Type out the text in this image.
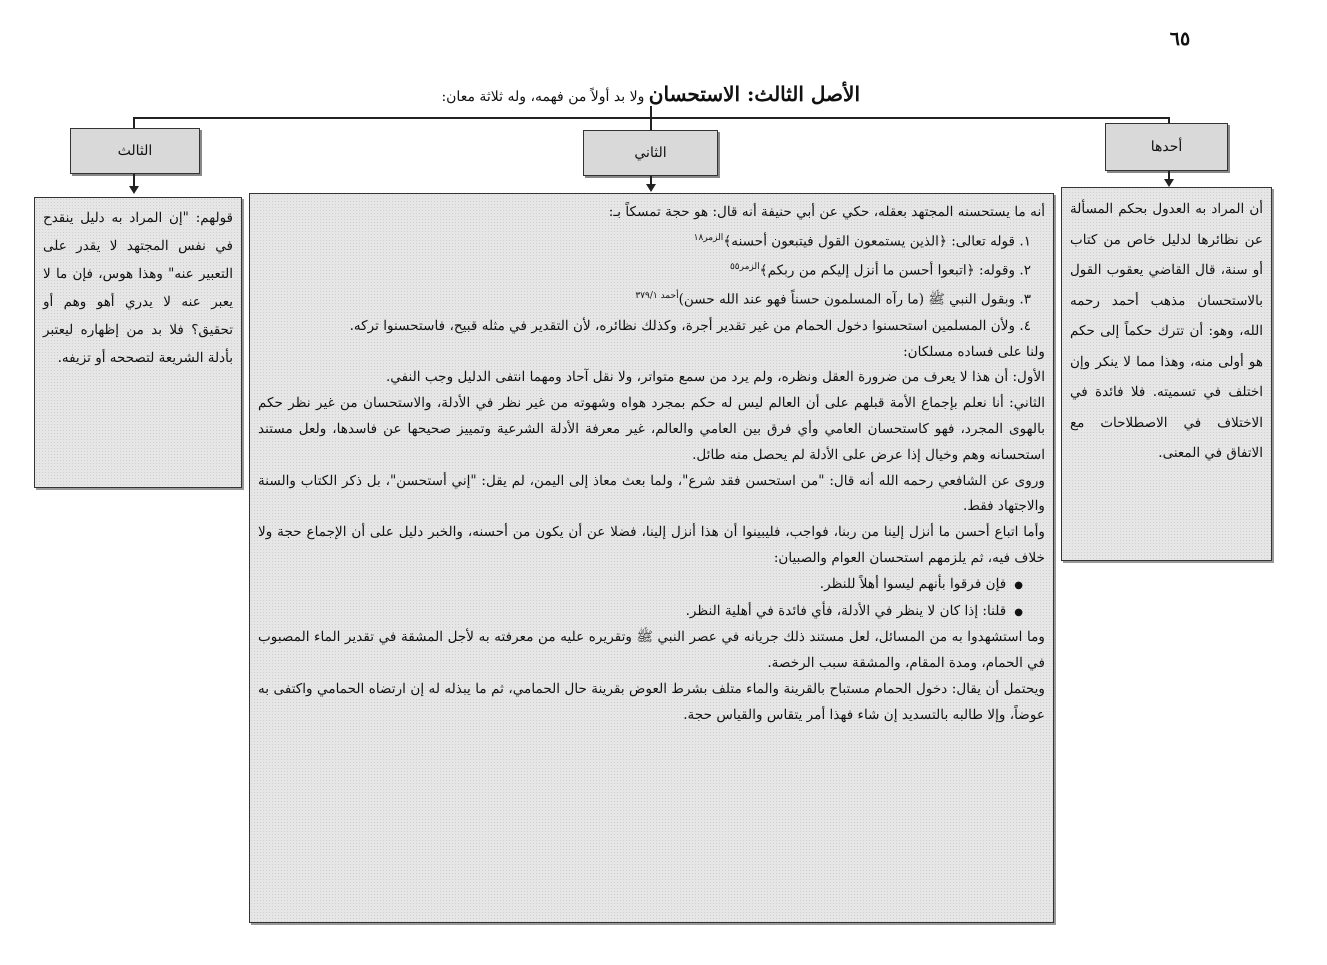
٦٥
الأصل الثالث: الاستحسان ولا بد أولاً من فهمه، وله ثلاثة معان:
الثالث	الثاني	أحدها
قولهم: "إن المراد به دليل ينقدح في نفس المجتهد لا يقدر على التعبير عنه" وهذا هوس، فإن ما لا يعبر عنه لا يدري أهو وهم أو تحقيق؟ فلا بد من إظهاره ليعتبر بأدلة الشريعة لتصححه أو تزيفه.
أن المراد به العدول بحكم المسألة عن نظائرها لدليل خاص من كتاب أو سنة، قال القاضي يعقوب القول بالاستحسان مذهب أحمد رحمه الله، وهو: أن تترك حكماً إلى حكم هو أولى منه، وهذا مما لا ينكر وإن اختلف في تسميته. فلا فائدة في الاختلاف في الاصطلاحات مع الاتفاق في المعنى.

أنه ما يستحسنه المجتهد بعقله، حكي عن أبي حنيفة أنه قال: هو حجة تمسكاً بـ:

١. قوله تعالى: ﴿الذين يستمعون القول فيتبعون أحسنه﴾$^{الزمر١٨}$

٢. وقوله: ﴿اتبعوا أحسن ما أنزل إليكم من ربكم﴾$^{الزمر٥٥}$

٣. وبقول النبي ﷺ (ما رآه المسلمون حسناً فهو عند الله حسن)$^{أحمد ٣٧٩/١}$

٤. ولأن المسلمين استحسنوا دخول الحمام من غير تقدير أجرة، وكذلك نظائره، لأن التقدير في مثله قبيح، فاستحسنوا تركه.

ولنا على فساده مسلكان:

الأول: أن هذا لا يعرف من ضرورة العقل ونظره، ولم يرد من سمع متواتر، ولا نقل آحاد ومهما انتفى الدليل وجب النفي.

الثاني: أنا نعلم بإجماع الأمة قبلهم على أن العالم ليس له حكم بمجرد هواه وشهوته من غير نظر في الأدلة، والاستحسان من غير نظر حكم بالهوى المجرد، فهو كاستحسان العامي وأي فرق بين العامي والعالم، غير معرفة الأدلة الشرعية وتمييز صحيحها عن فاسدها، ولعل مستند استحسانه وهم وخيال إذا عرض على الأدلة لم يحصل منه طائل.

وروى عن الشافعي رحمه الله أنه قال: "من استحسن فقد شرع"، ولما بعث معاذ إلى اليمن، لم يقل: "إني أستحسن"، بل ذكر الكتاب والسنة والاجتهاد فقط.

وأما اتباع أحسن ما أنزل إلينا من ربنا، فواجب، فليبينوا أن هذا أنزل إلينا، فضلا عن أن يكون من أحسنه، والخبر دليل على أن الإجماع حجة ولا خلاف فيه، ثم يلزمهم استحسان العوام والصبيان:

● فإن فرقوا بأنهم ليسوا أهلاً للنظر.

● قلنا: إذا كان لا ينظر في الأدلة، فأي فائدة في أهلية النظر.

وما استشهدوا به من المسائل، لعل مستند ذلك جريانه في عصر النبي ﷺ وتقريره عليه من معرفته به لأجل المشقة في تقدير الماء المصبوب في الحمام، ومدة المقام، والمشقة سبب الرخصة.

ويحتمل أن يقال: دخول الحمام مستباح بالقرينة والماء متلف بشرط العوض بقرينة حال الحمامي، ثم ما يبذله له إن ارتضاه الحمامي واكتفى به عوضاً، وإلا طالبه بالتسديد إن شاء فهذا أمر يتقاس والقياس حجة.
